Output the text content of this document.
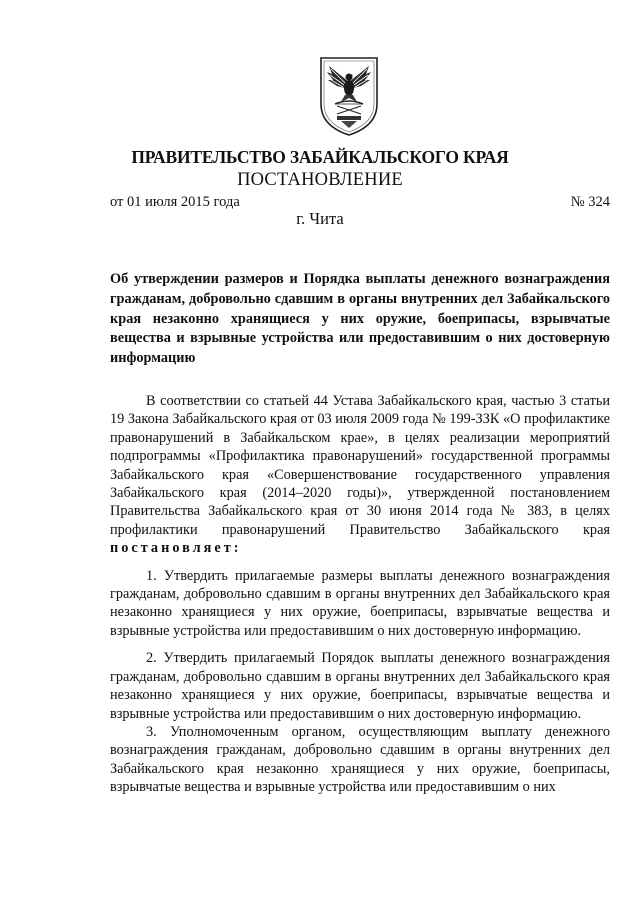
ПРАВИТЕЛЬСТВО ЗАБАЙКАЛЬСКОГО КРАЯ
ПОСТАНОВЛЕНИЕ
от 01 июля 2015 года	№ 324
г. Чита
Об утверждении размеров и Порядка выплаты денежного вознаграждения гражданам, добровольно сдавшим в органы внутренних дел Забайкальского края незаконно хранящиеся у них оружие, боеприпасы, взрывчатые вещества и взрывные устройства или предоставившим о них достоверную информацию

В соответствии со статьей 44 Устава Забайкальского края, частью 3 статьи 19 Закона Забайкальского края от 03 июля 2009 года № 199-ЗЗК «О профилактике правонарушений в Забайкальском крае», в целях реализации мероприятий подпрограммы «Профилактика правонарушений» государственной программы Забайкальского края «Совершенствование государственного управления Забайкальского края (2014–2020 годы)», утвержденной постановлением Правительства Забайкальского края от 30 июня 2014 года № 383, в целях профилактики правонарушений Правительство Забайкальского края постановляет:

1. Утвердить прилагаемые размеры выплаты денежного вознаграждения гражданам, добровольно сдавшим в органы внутренних дел Забайкальского края незаконно хранящиеся у них оружие, боеприпасы, взрывчатые вещества и взрывные устройства или предоставившим о них достоверную информацию.

2. Утвердить прилагаемый Порядок выплаты денежного вознаграждения гражданам, добровольно сдавшим в органы внутренних дел Забайкальского края незаконно хранящиеся у них оружие, боеприпасы, взрывчатые вещества и взрывные устройства или предоставившим о них достоверную информацию.

3. Уполномоченным органом, осуществляющим выплату денежного вознаграждения гражданам, добровольно сдавшим в органы внутренних дел Забайкальского края незаконно хранящиеся у них оружие, боеприпасы, взрывчатые вещества и взрывные устройства или предоставившим о них
